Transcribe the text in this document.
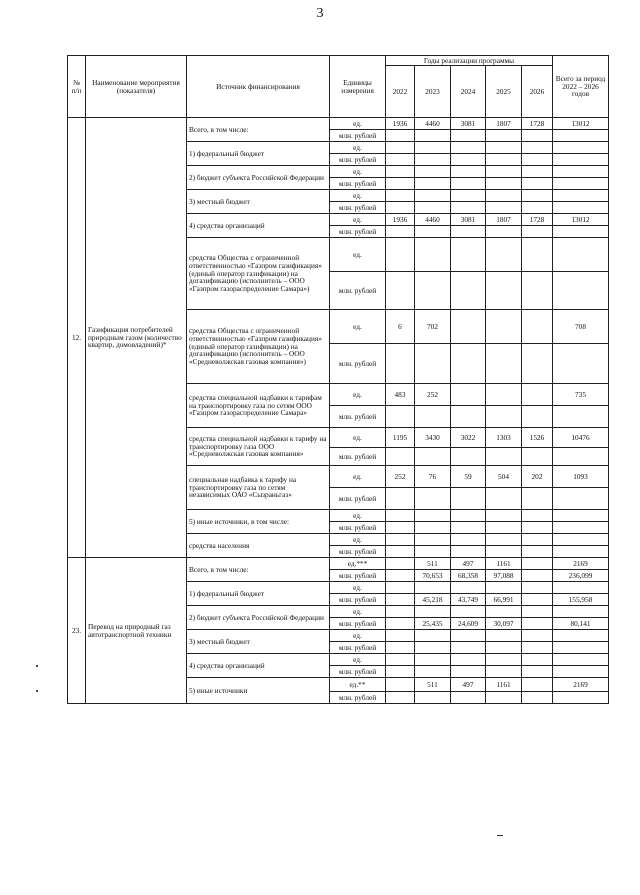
3
№ п/п	Наименование мероприятия (показателя)	Источник финансирования	Единицы измерения	Годы реализации программы					Всего за период 2022 – 2026 годов
				2022	2023	2024	2025	2026	
12.	Газификация потребителей природным газом (количество квартир, домовладений)*	Всего, в том числе:	ед.	1936	4460	3081	1807	1728	13012
			млн. рублей						
		1) федеральный бюджет	ед.						
			млн. рублей						
		2) бюджет субъекта Российской Федерации	ед.						
			млн. рублей						
		3) местный бюджет	ед.						
			млн. рублей						
		4) средства организаций	ед.	1936	4460	3081	1807	1728	13012
			млн. рублей						
		средства Общества с ограниченной ответственностью «Газпром газификация» (единый оператор газификации) на догазификацию (исполнитель – ООО «Газпром газораспределение Самара»)	ед.						
			млн. рублей						
		средства Общества с ограниченной ответственностью «Газпром газификация» (единый оператор газификации) на догазификацию (исполнитель – ООО «Средневолжская газовая компания»)	ед.	6	702				708
			млн. рублей						
		средства специальной надбавки к тарифам на транспортировку газа по сетям ООО «Газпром газораспределение Самара»	ед.	483	252				735
			млн. рублей						
		средства специальной надбавки к тарифу на транспортировку газа ООО «Средневолжская газовая компания»	ед.	1195	3430	3022	1303	1526	10476
			млн. рублей						
		специальная надбавка к тарифу на транспортировку газа по сетям независимых ОАО «Сызраньгаз»	ед.	252	76	59	504	202	1093
			млн. рублей						
		5) иные источники, в том числе:	ед.						
			млн. рублей						
		средства населения	ед.						
			млн. рублей						
23.	Перевод на природный газ автотранспортной техники	Всего, в том числе:	ед.***		511	497	1161		2169
			млн. рублей		70,653	68,358	97,088		236,099
		1) федеральный бюджет	ед.						
			млн. рублей		45,218	43,749	66,991		155,958
		2) бюджет субъекта Российской Федерации	ед.						
			млн. рублей		25,435	24,609	30,097		80,141
		3) местный бюджет	ед.						
			млн. рублей						
		4) средства организаций	ед.						
			млн. рублей						
		5) иные источники	ед.**		511	497	1161		2169
			млн. рублей						
